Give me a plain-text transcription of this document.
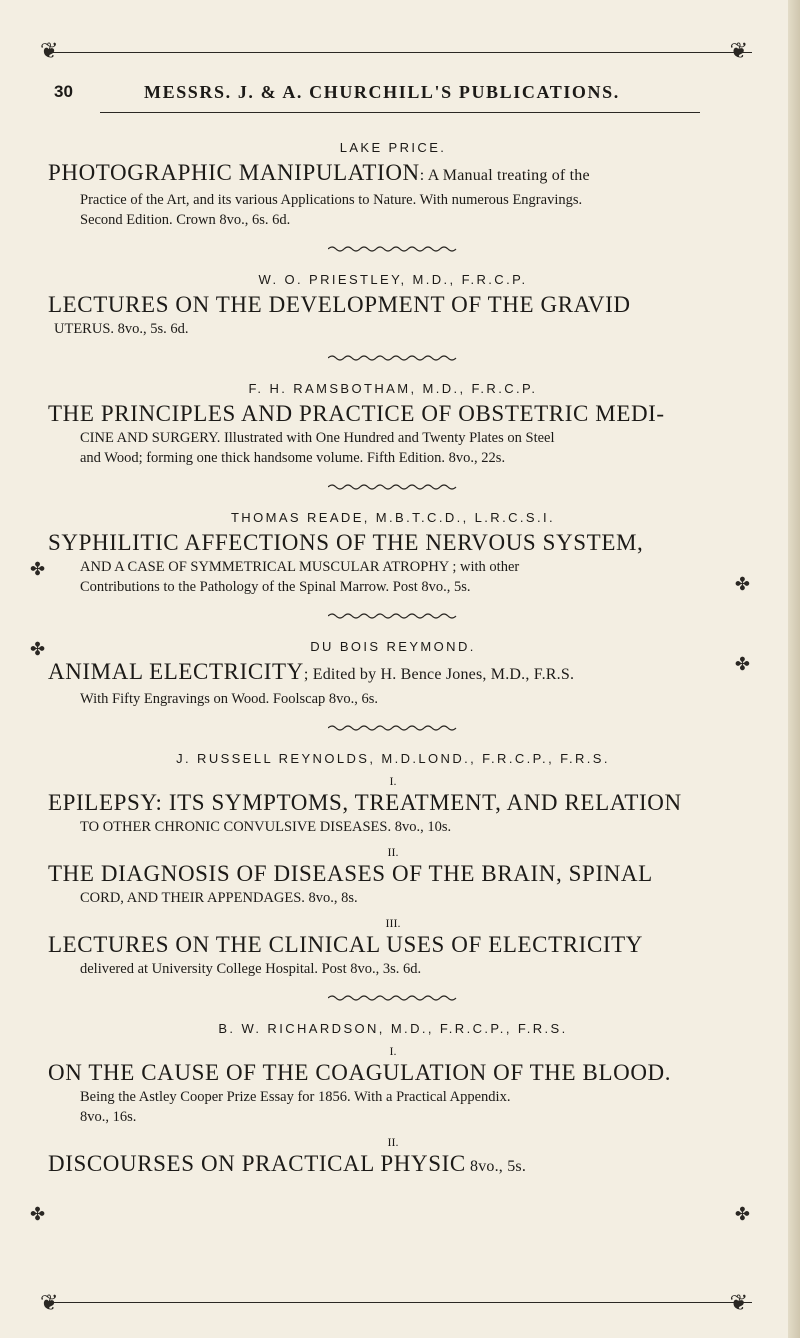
❦	❦
✤
✤
✤
✤
✤
✤
30	MESSRS. J. & A. CHURCHILL'S PUBLICATIONS.

LAKE PRICE.

PHOTOGRAPHIC MANIPULATION: A Manual treating of the

Practice of the Art, and its various Applications to Nature. With numerous Engravings.

Second Edition. Crown 8vo., 6s. 6d.

W. O. PRIESTLEY, M.D., F.R.C.P.

LECTURES ON THE DEVELOPMENT OF THE GRAVID

UTERUS. 8vo., 5s. 6d.

F. H. RAMSBOTHAM, M.D., F.R.C.P.

THE PRINCIPLES AND PRACTICE OF OBSTETRIC MEDI-

CINE AND SURGERY. Illustrated with One Hundred and Twenty Plates on Steel

and Wood; forming one thick handsome volume. Fifth Edition. 8vo., 22s.

THOMAS READE, M.B.T.C.D., L.R.C.S.I.

SYPHILITIC AFFECTIONS OF THE NERVOUS SYSTEM,

AND A CASE OF SYMMETRICAL MUSCULAR ATROPHY ; with other

Contributions to the Pathology of the Spinal Marrow. Post 8vo., 5s.

DU BOIS REYMOND.

ANIMAL ELECTRICITY; Edited by H. Bence Jones, M.D., F.R.S.

With Fifty Engravings on Wood. Foolscap 8vo., 6s.

J. RUSSELL REYNOLDS, M.D.LOND., F.R.C.P., F.R.S.

I.

EPILEPSY: ITS SYMPTOMS, TREATMENT, AND RELATION

TO OTHER CHRONIC CONVULSIVE DISEASES. 8vo., 10s.

II.

THE DIAGNOSIS OF DISEASES OF THE BRAIN, SPINAL

CORD, AND THEIR APPENDAGES. 8vo., 8s.

III.

LECTURES ON THE CLINICAL USES OF ELECTRICITY

delivered at University College Hospital. Post 8vo., 3s. 6d.

B. W. RICHARDSON, M.D., F.R.C.P., F.R.S.

I.

ON THE CAUSE OF THE COAGULATION OF THE BLOOD.

Being the Astley Cooper Prize Essay for 1856. With a Practical Appendix.

8vo., 16s.

II.

DISCOURSES ON PRACTICAL PHYSIC 8vo., 5s.

❦	❦
